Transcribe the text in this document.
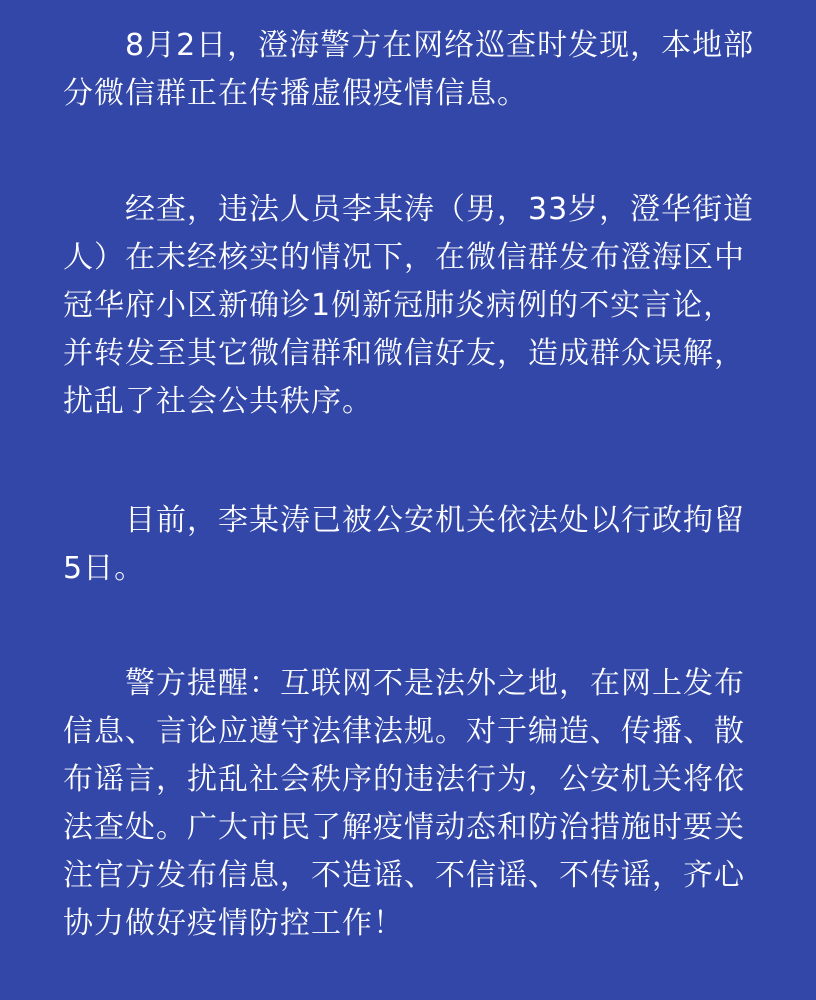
　　8月2日，澄海警方在网络巡查时发现，本地部分微信群正在传播虚假疫情信息。

　　经查，违法人员李某涛（男，33岁，澄华街道人）在未经核实的情况下，在微信群发布澄海区中冠华府小区新确诊1例新冠肺炎病例的不实言论，并转发至其它微信群和微信好友，造成群众误解，扰乱了社会公共秩序。

　　目前，李某涛已被公安机关依法处以行政拘留5日。

　　警方提醒：互联网不是法外之地，在网上发布信息、言论应遵守法律法规。对于编造、传播、散布谣言，扰乱社会秩序的违法行为，公安机关将依法查处。广大市民了解疫情动态和防治措施时要关注官方发布信息，不造谣、不信谣、不传谣，齐心协力做好疫情防控工作！
